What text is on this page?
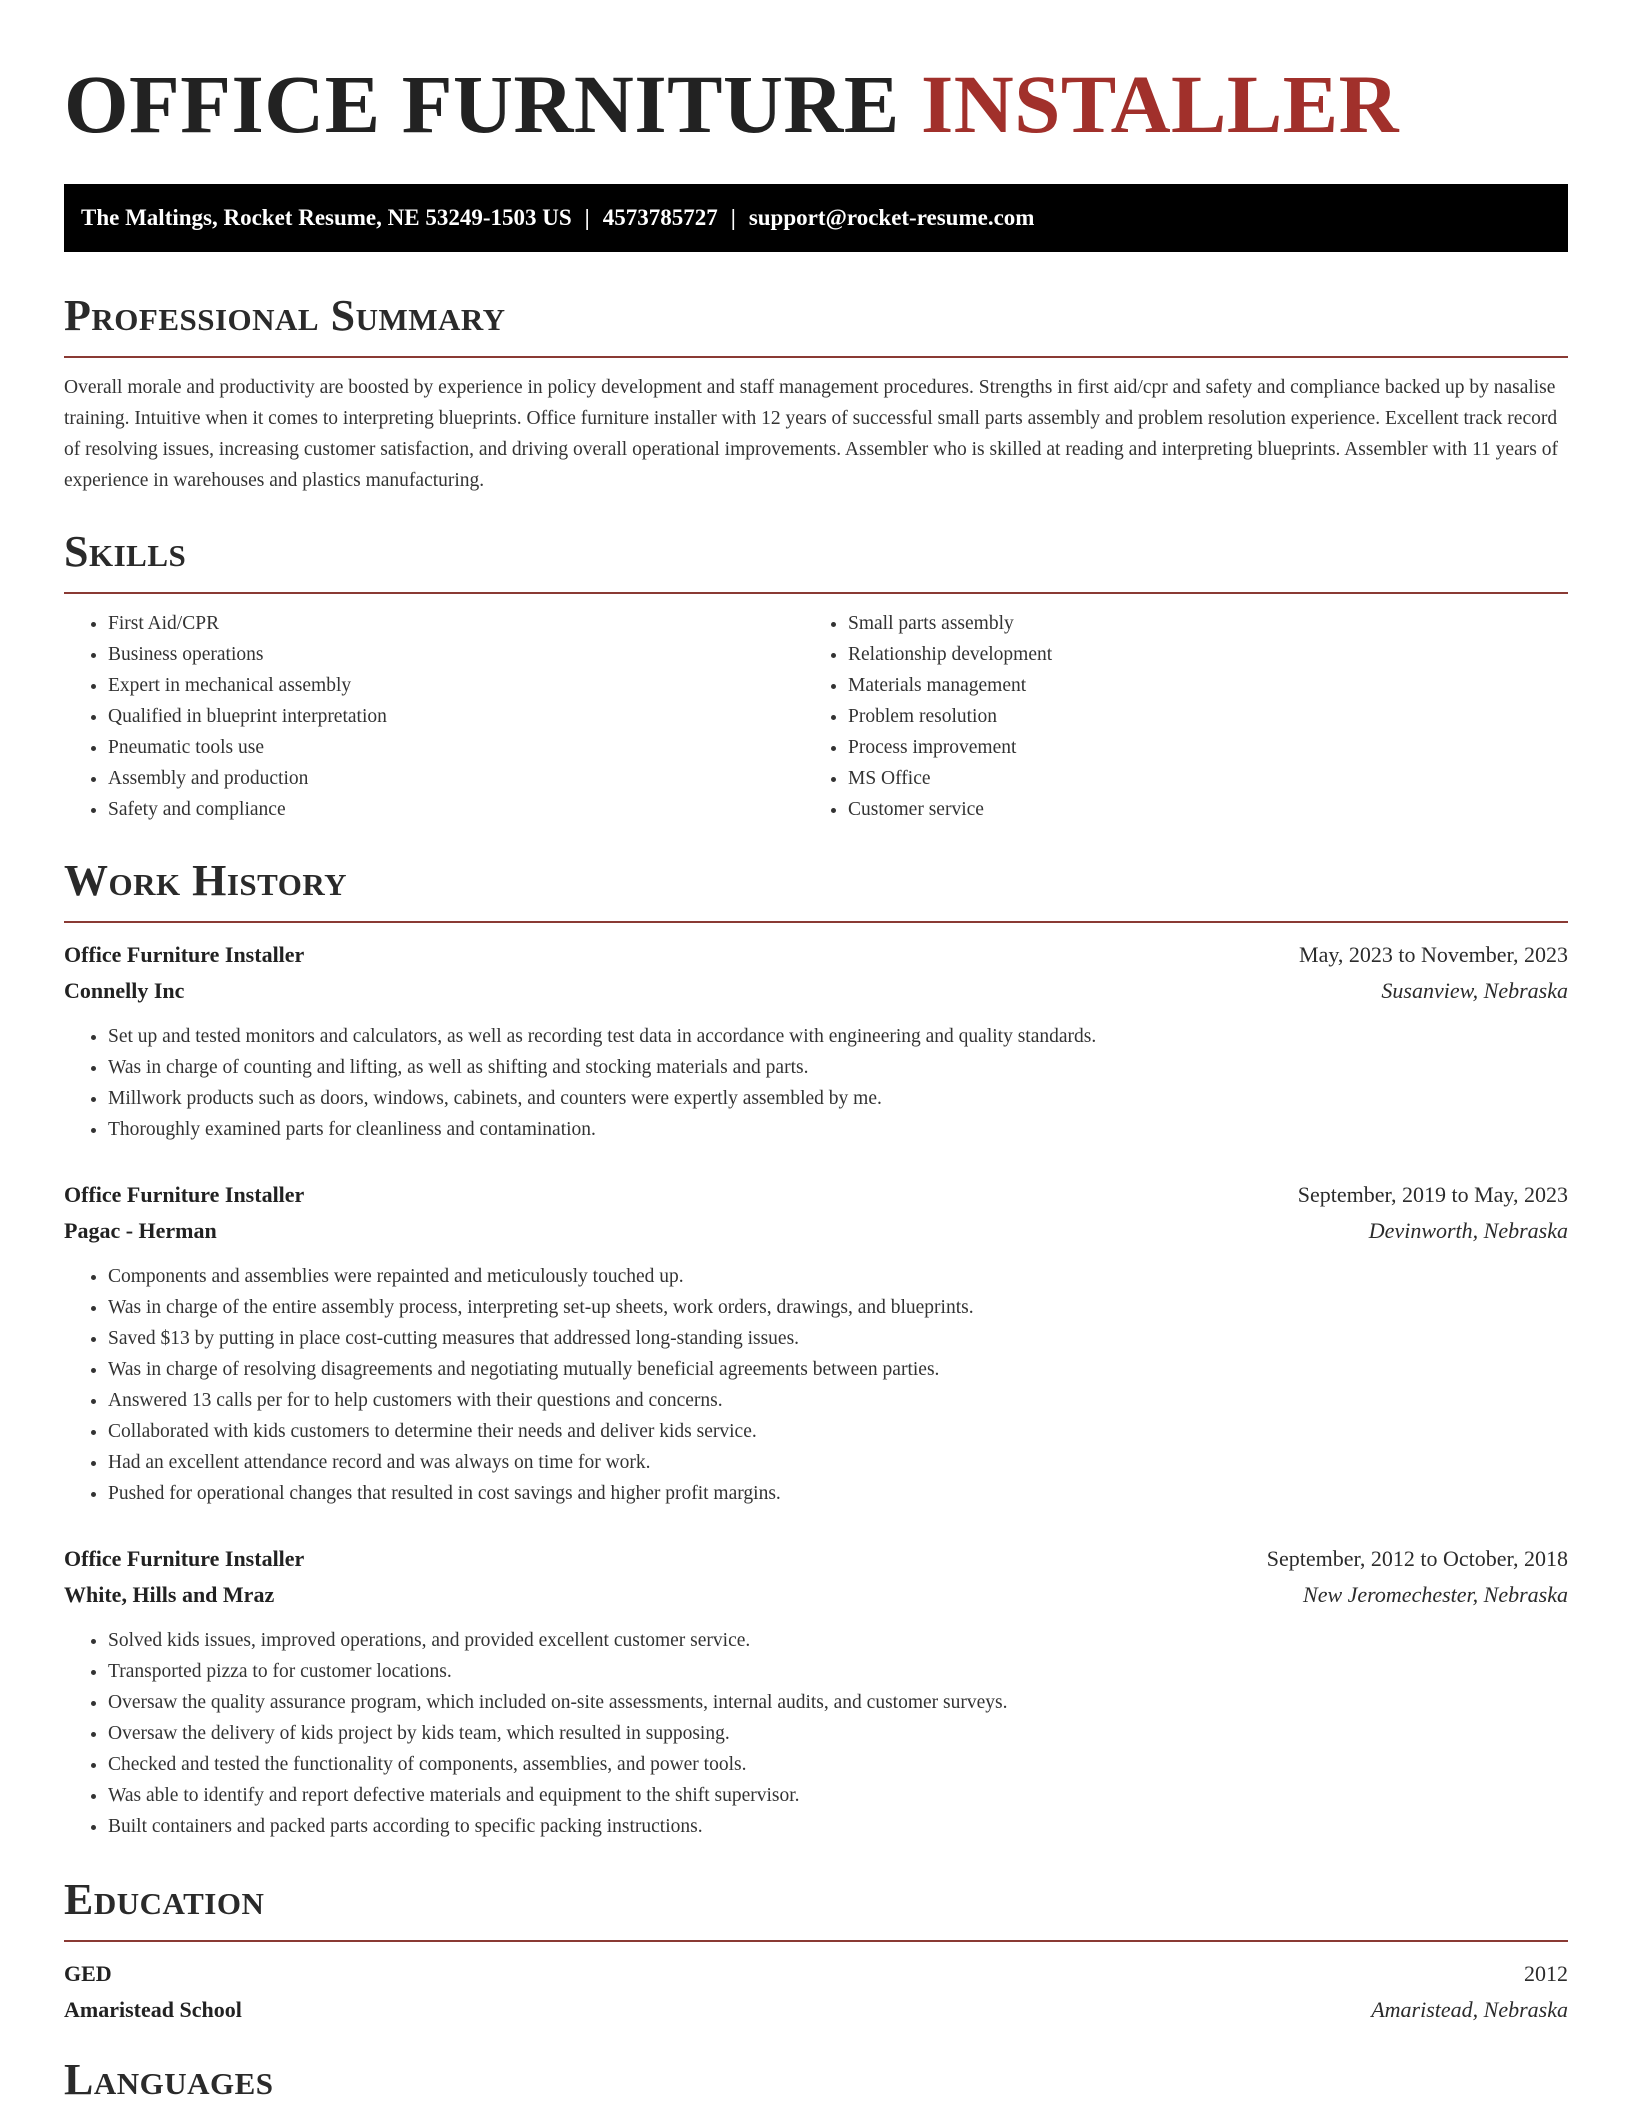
OFFICE FURNITURE INSTALLER
The Maltings, Rocket Resume, NE 53249-1503 US | 4573785727 | support@rocket-resume.com
Professional Summary

Overall morale and productivity are boosted by experience in policy development and staff management procedures. Strengths in first aid/cpr and safety and compliance backed up by nasalise training. Intuitive when it comes to interpreting blueprints. Office furniture installer with 12 years of successful small parts assembly and problem resolution experience. Excellent track record of resolving issues, increasing customer satisfaction, and driving overall operational improvements. Assembler who is skilled at reading and interpreting blueprints. Assembler with 11 years of experience in warehouses and plastics manufacturing.

Skills
• First Aid/CPR
• Business operations
• Expert in mechanical assembly
• Qualified in blueprint interpretation
• Pneumatic tools use
• Assembly and production
• Safety and compliance
• Small parts assembly
• Relationship development
• Materials management
• Problem resolution
• Process improvement
• MS Office
• Customer service
Work History
Office Furniture Installer	May, 2023 to November, 2023
Connelly Inc	Susanview, Nebraska
• Set up and tested monitors and calculators, as well as recording test data in accordance with engineering and quality standards.
• Was in charge of counting and lifting, as well as shifting and stocking materials and parts.
• Millwork products such as doors, windows, cabinets, and counters were expertly assembled by me.
• Thoroughly examined parts for cleanliness and contamination.
Office Furniture Installer	September, 2019 to May, 2023
Pagac - Herman	Devinworth, Nebraska
• Components and assemblies were repainted and meticulously touched up.
• Was in charge of the entire assembly process, interpreting set-up sheets, work orders, drawings, and blueprints.
• Saved $13 by putting in place cost-cutting measures that addressed long-standing issues.
• Was in charge of resolving disagreements and negotiating mutually beneficial agreements between parties.
• Answered 13 calls per for to help customers with their questions and concerns.
• Collaborated with kids customers to determine their needs and deliver kids service.
• Had an excellent attendance record and was always on time for work.
• Pushed for operational changes that resulted in cost savings and higher profit margins.
Office Furniture Installer	September, 2012 to October, 2018
White, Hills and Mraz	New Jeromechester, Nebraska
• Solved kids issues, improved operations, and provided excellent customer service.
• Transported pizza to for customer locations.
• Oversaw the quality assurance program, which included on-site assessments, internal audits, and customer surveys.
• Oversaw the delivery of kids project by kids team, which resulted in supposing.
• Checked and tested the functionality of components, assemblies, and power tools.
• Was able to identify and report defective materials and equipment to the shift supervisor.
• Built containers and packed parts according to specific packing instructions.
Education
GED	2012
Amaristead School	Amaristead, Nebraska
Languages
